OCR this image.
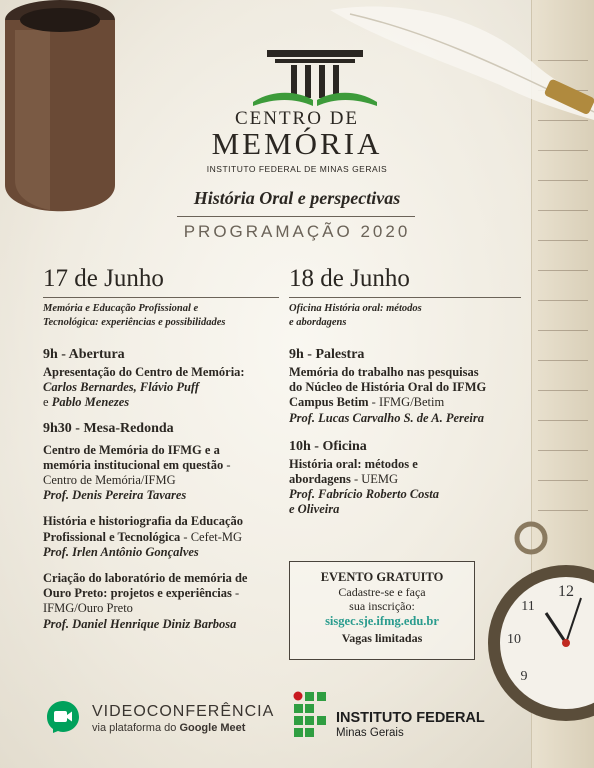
12
11
10
9
CENTRO DE
MEMÓRIA
INSTITUTO FEDERAL DE MINAS GERAIS
História Oral e perspectivas
PROGRAMAÇÃO 2020
17 de Junho
Memória e Educação Profissional e
Tecnológica: experiências e possibilidades
9h - Abertura
Apresentação do Centro de Memória:
Carlos Bernardes, Flávio Puff
e Pablo Menezes
9h30 - Mesa-Redonda
Centro de Memória do IFMG e a
memória institucional em questão -
Centro de Memória/IFMG
Prof. Denis Pereira Tavares
História e historiografia da Educação
Profissional e Tecnológica - Cefet-MG
Prof. Irlen Antônio Gonçalves
Criação do laboratório de memória de
Ouro Preto: projetos e experiências -
IFMG/Ouro Preto
Prof. Daniel Henrique Diniz Barbosa
18 de Junho
Oficina História oral: métodos
e abordagens
9h - Palestra
Memória do trabalho nas pesquisas
do Núcleo de História Oral do IFMG
Campus Betim - IFMG/Betim
Prof. Lucas Carvalho S. de A. Pereira
10h - Oficina
História oral: métodos e
abordagens - UEMG
Prof. Fabrício Roberto Costa
e Oliveira
EVENTO GRATUITO
Cadastre-se e faça
sua inscrição:
sisgec.sje.ifmg.edu.br
Vagas limitadas
VIDEOCONFERÊNCIA
via plataforma do Google Meet
INSTITUTO FEDERAL
Minas Gerais
